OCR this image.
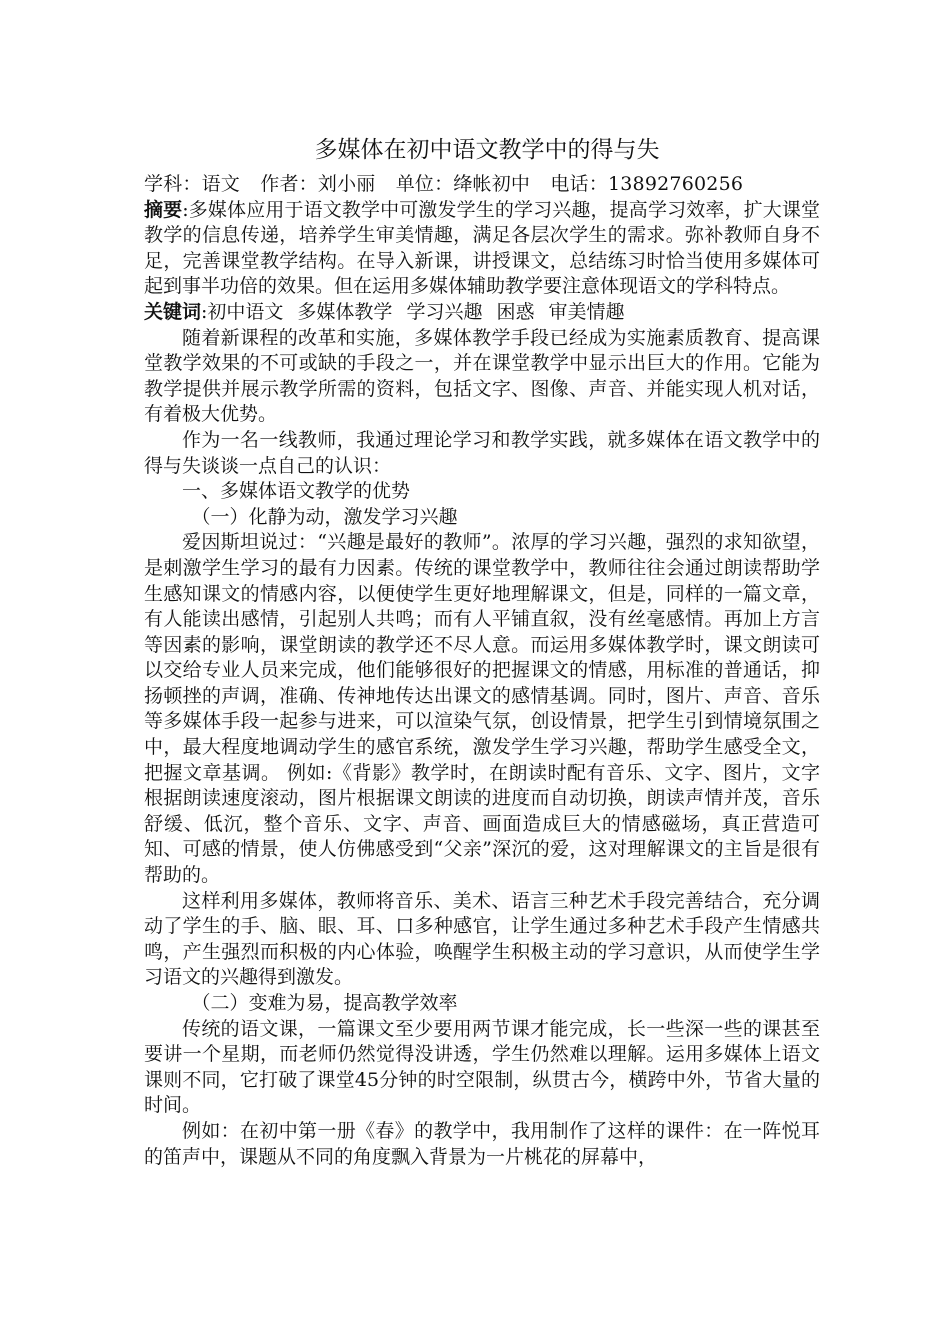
多媒体在初中语文教学中的得与失
学科：语文 作者：刘小丽 单位：绛帐初中 电话：13892760256

摘要:多媒体应用于语文教学中可激发学生的学习兴趣，提高学习效率，扩大课堂教学的信息传递，培养学生审美情趣，满足各层次学生的需求。弥补教师自身不足，完善课堂教学结构。在导入新课，讲授课文，总结练习时恰当使用多媒体可起到事半功倍的效果。但在运用多媒体辅助教学要注意体现语文的学科特点。

关键词:初中语文 多媒体教学 学习兴趣 困惑 审美情趣

随着新课程的改革和实施，多媒体教学手段已经成为实施素质教育、提高课堂教学效果的不可或缺的手段之一，并在课堂教学中显示出巨大的作用。它能为教学提供并展示教学所需的资料，包括文字、图像、声音、并能实现人机对话，有着极大优势。

作为一名一线教师，我通过理论学习和教学实践，就多媒体在语文教学中的得与失谈谈一点自己的认识：

一、多媒体语文教学的优势

（一）化静为动，激发学习兴趣

爱因斯坦说过：“兴趣是最好的教师”。浓厚的学习兴趣，强烈的求知欲望，是刺激学生学习的最有力因素。传统的课堂教学中，教师往往会通过朗读帮助学生感知课文的情感内容，以便使学生更好地理解课文，但是，同样的一篇文章，有人能读出感情，引起别人共鸣；而有人平铺直叙，没有丝毫感情。再加上方言等因素的影响，课堂朗读的教学还不尽人意。而运用多媒体教学时，课文朗读可以交给专业人员来完成，他们能够很好的把握课文的情感，用标准的普通话，抑扬顿挫的声调，准确、传神地传达出课文的感情基调。同时，图片、声音、音乐等多媒体手段一起参与进来，可以渲染气氛，创设情景，把学生引到情境氛围之中，最大程度地调动学生的感官系统，激发学生学习兴趣，帮助学生感受全文，把握文章基调。 例如:《背影》教学时，在朗读时配有音乐、文字、图片，文字根据朗读速度滚动，图片根据课文朗读的进度而自动切换，朗读声情并茂，音乐舒缓、低沉，整个音乐、文字、声音、画面造成巨大的情感磁场，真正营造可知、可感的情景，使人仿佛感受到“父亲”深沉的爱，这对理解课文的主旨是很有帮助的。

这样利用多媒体，教师将音乐、美术、语言三种艺术手段完善结合，充分调动了学生的手、脑、眼、耳、口多种感官，让学生通过多种艺术手段产生情感共鸣，产生强烈而积极的内心体验，唤醒学生积极主动的学习意识，从而使学生学习语文的兴趣得到激发。

（二）变难为易，提高教学效率

传统的语文课，一篇课文至少要用两节课才能完成，长一些深一些的课甚至要讲一个星期，而老师仍然觉得没讲透，学生仍然难以理解。运用多媒体上语文课则不同，它打破了课堂45分钟的时空限制，纵贯古今，横跨中外，节省大量的时间。

例如：在初中第一册《春》的教学中，我用制作了这样的课件：在一阵悦耳的笛声中，课题从不同的角度飘入背景为一片桃花的屏幕中，
